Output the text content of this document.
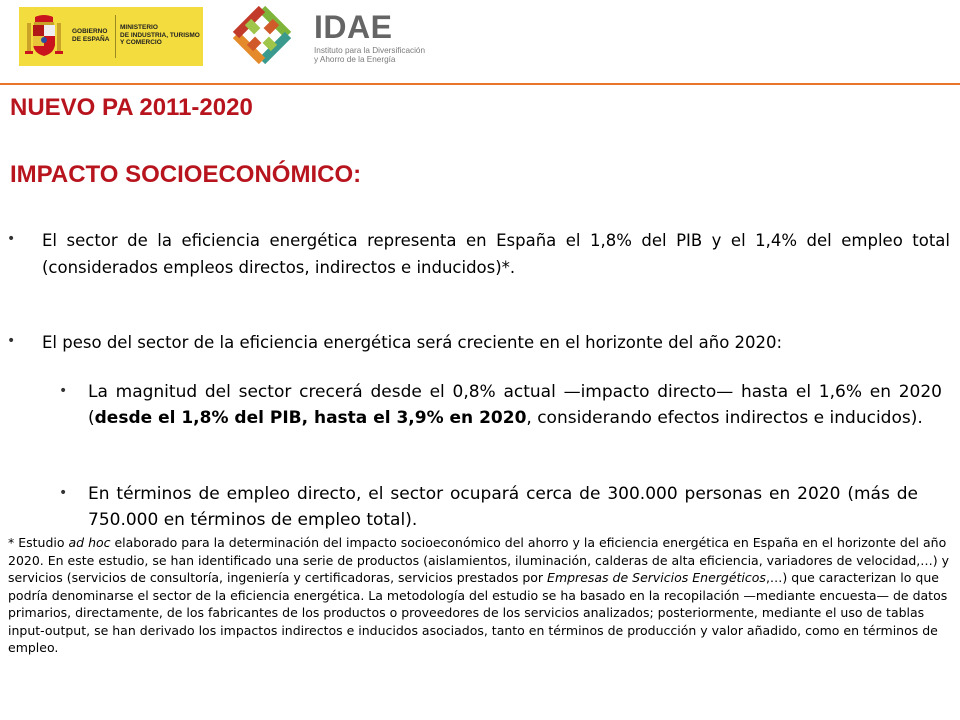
GOBIERNO
DE ESPAÑA
MINISTERIO
DE INDUSTRIA, TURISMO
Y COMERCIO	IDAE
Instituto para la Diversificación
y Ahorro de la Energía
NUEVO PA 2011-2020
IMPACTO SOCIOECONÓMICO:
• El sector de la eficiencia energética representa en España el 1,8% del PIB y el 1,4% del empleo total (considerados empleos directos, indirectos e inducidos)*.
• El peso del sector de la eficiencia energética será creciente en el horizonte del año 2020:
• La magnitud del sector crecerá desde el 0,8% actual —impacto directo— hasta el 1,6% en 2020 (desde el 1,8% del PIB, hasta el 3,9% en 2020, considerando efectos indirectos e inducidos).
• En términos de empleo directo, el sector ocupará cerca de 300.000 personas en 2020 (más de 750.000 en términos de empleo total).
* Estudio ad hoc elaborado para la determinación del impacto socioeconómico del ahorro y la eficiencia energética en España en el horizonte del año 2020. En este estudio, se han identificado una serie de productos (aislamientos, iluminación, calderas de alta eficiencia, variadores de velocidad,…) y servicios (servicios de consultoría, ingeniería y certificadoras, servicios prestados por Empresas de Servicios Energéticos,…) que caracterizan lo que podría denominarse el sector de la eficiencia energética. La metodología del estudio se ha basado en la recopilación —mediante encuesta— de datos primarios, directamente, de los fabricantes de los productos o proveedores de los servicios analizados; posteriormente, mediante el uso de tablas input-output, se han derivado los impactos indirectos e inducidos asociados, tanto en términos de producción y valor añadido, como en términos de empleo.
